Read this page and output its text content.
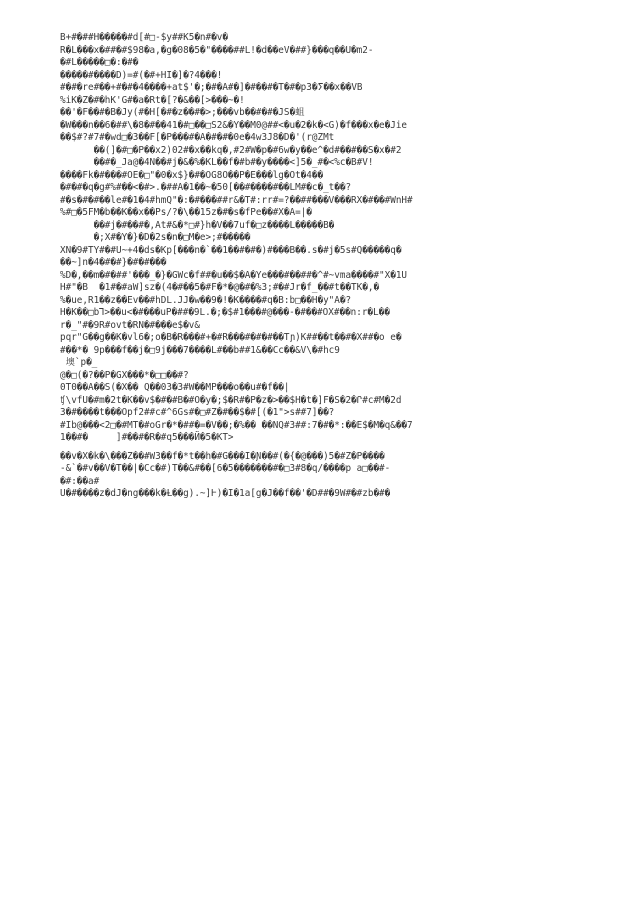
B+#�##H�����#d[#□-$y##K5�n#�v�
R�L���x�##�#$98�a,�g�08�5�"����##L!�d��eV�##}���q��U�m2-
�#L�����□�:�#�
�����#����D)=#(�#+HI�]�?4���!
#�#�re#��+#�#�4����+at$'�;�#�A#�]�#��#�T�#�p3�ⵢ��x��VB
%iK�Z�#�hK'G#�a�Rt�[?�&��[>���~�!
��'�F��#�B�Jy(#�H[�#�z��#�>;���vb��#�#�JS�蛆
�W���n��6�##\�8�#��41�#□��□S2&�Y��M0@##<�u�2�k�<G)�f���x�e�Jie
��$#?#7#�wd□�3��F[�P���#�A�#�#�0e�4w3J8�D�'(r@ZMt
��(]�#□�P��x2)02#�x��kq�,#2#W�p�#6w�y��e^�d#��#��S�x�#2
��#�_Ja@�4N��#j�&�%�KL��f�#b#�y����<]5�_#�<%c�B#V!
����Fk�#���#OE�□"�0�x$}�#�OG8O��P�E���lg�Ot�4��
�#�#�q�g#%#��<�#>.�##A�1��~�50[��#����#��LM#�c�_t��?
#�s�#�#��le#�1�4#hmQ"�:�#���##r&�T#:rr#=?��##���V���RX�#��#WnH#
%#□�5FM�b��K��x��Ps/?�\��15z�#�s�fPe��#X�A=|�
��#j�#��#�,At#&�*□#}h�V��7uf�□z����L�����B�
�;X#�Y�}�D�2s�n�□M�e>;#�����
XN�9#TY#�#U~+4�ds�Kp[���n�`��1��#�#�)#���B��.s�#j�5s#Q�����q�
��~]n�4�#�#}�#�#���
%D�,��m�#�##'���_�}�GWc�f##�u��$�A�Ye���#��##�^#~vma����#"X�1U
H#"�B  �1#�#aW]sz�(4�#��5�#F�*�@�#�%3;#�#Jr�f_��#t��TK�,�
%�ue,R1��z��Ev��#hDL.JJ�w��9�!�K����#q�B:b□��H�y"A�?
H�K��□b⅂>��u<�#���uP�##�9L.�;�$#1���#@���-�#��#OX#��n:r�L��
r�_"#�9R#ovt�RN�#���e$�v&
pqr"G��g��K�vl6�;o�B�R���#+�#R���#�#�#��Tɲ)K##��t��#�X##�o e�
#��*� 9p���f��j�□9j���7����L#��b##1&��Cc��&V\�#hc9
墺`p�_
@�□(�?��P�GX���*�□□��#?
0T0��A��S(�X�� Q��03�3#W��MP���o��u#�f��|
ʧ\vfU�#m�2t�K��v$�#�#B�#O�y�;$�R#�P�z�>��$H�t�]F�S�2�Ր#c#M�2d
3�#����t���Opf2##c#^6Gs#�□#Z�#��$�#[(�1">s##7]��?
#Ib@���<2□�#MT�#oGr�*�##�=�V��;�%�� ��NQ#3##:7�#�*:��E$�M�q&��7
1��#�     ]#��#�R�#q5���Ӥ�5�KT>
��v�X�k�\���Z��#W3��f�*t��h�#G���I�Ɲ��#(�{�@���)5�#Z�P����
-&`�#v��V�T��|�Cc�#)T��&#��[6�5�������#�□3#8�q/����p a□��#-
�#:��a#
U�#����z�dJ�ng���k�Ƚ��g).~]Ⱶ)�I�1a[g�J��f��'�D##�9W#�#zb�#�
